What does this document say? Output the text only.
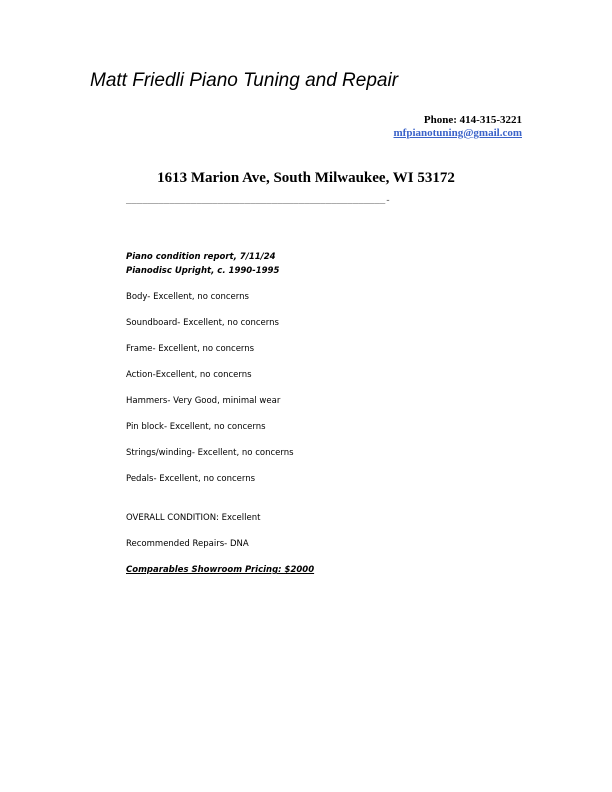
Matt Friedli Piano Tuning and Repair
Phone: 414-315-3221
mfpianotuning@gmail.com
1613 Marion Ave, South Milwaukee, WI 53172
________________________________________________-
Piano condition report, 7/11/24
Pianodisc Upright, c. 1990-1995
Body- Excellent, no concerns
Soundboard- Excellent, no concerns
Frame- Excellent, no concerns
Action-Excellent, no concerns
Hammers- Very Good, minimal wear
Pin block- Excellent, no concerns
Strings/winding- Excellent, no concerns
Pedals- Excellent, no concerns
OVERALL CONDITION: Excellent
Recommended Repairs- DNA
Comparables Showroom Pricing: $2000
